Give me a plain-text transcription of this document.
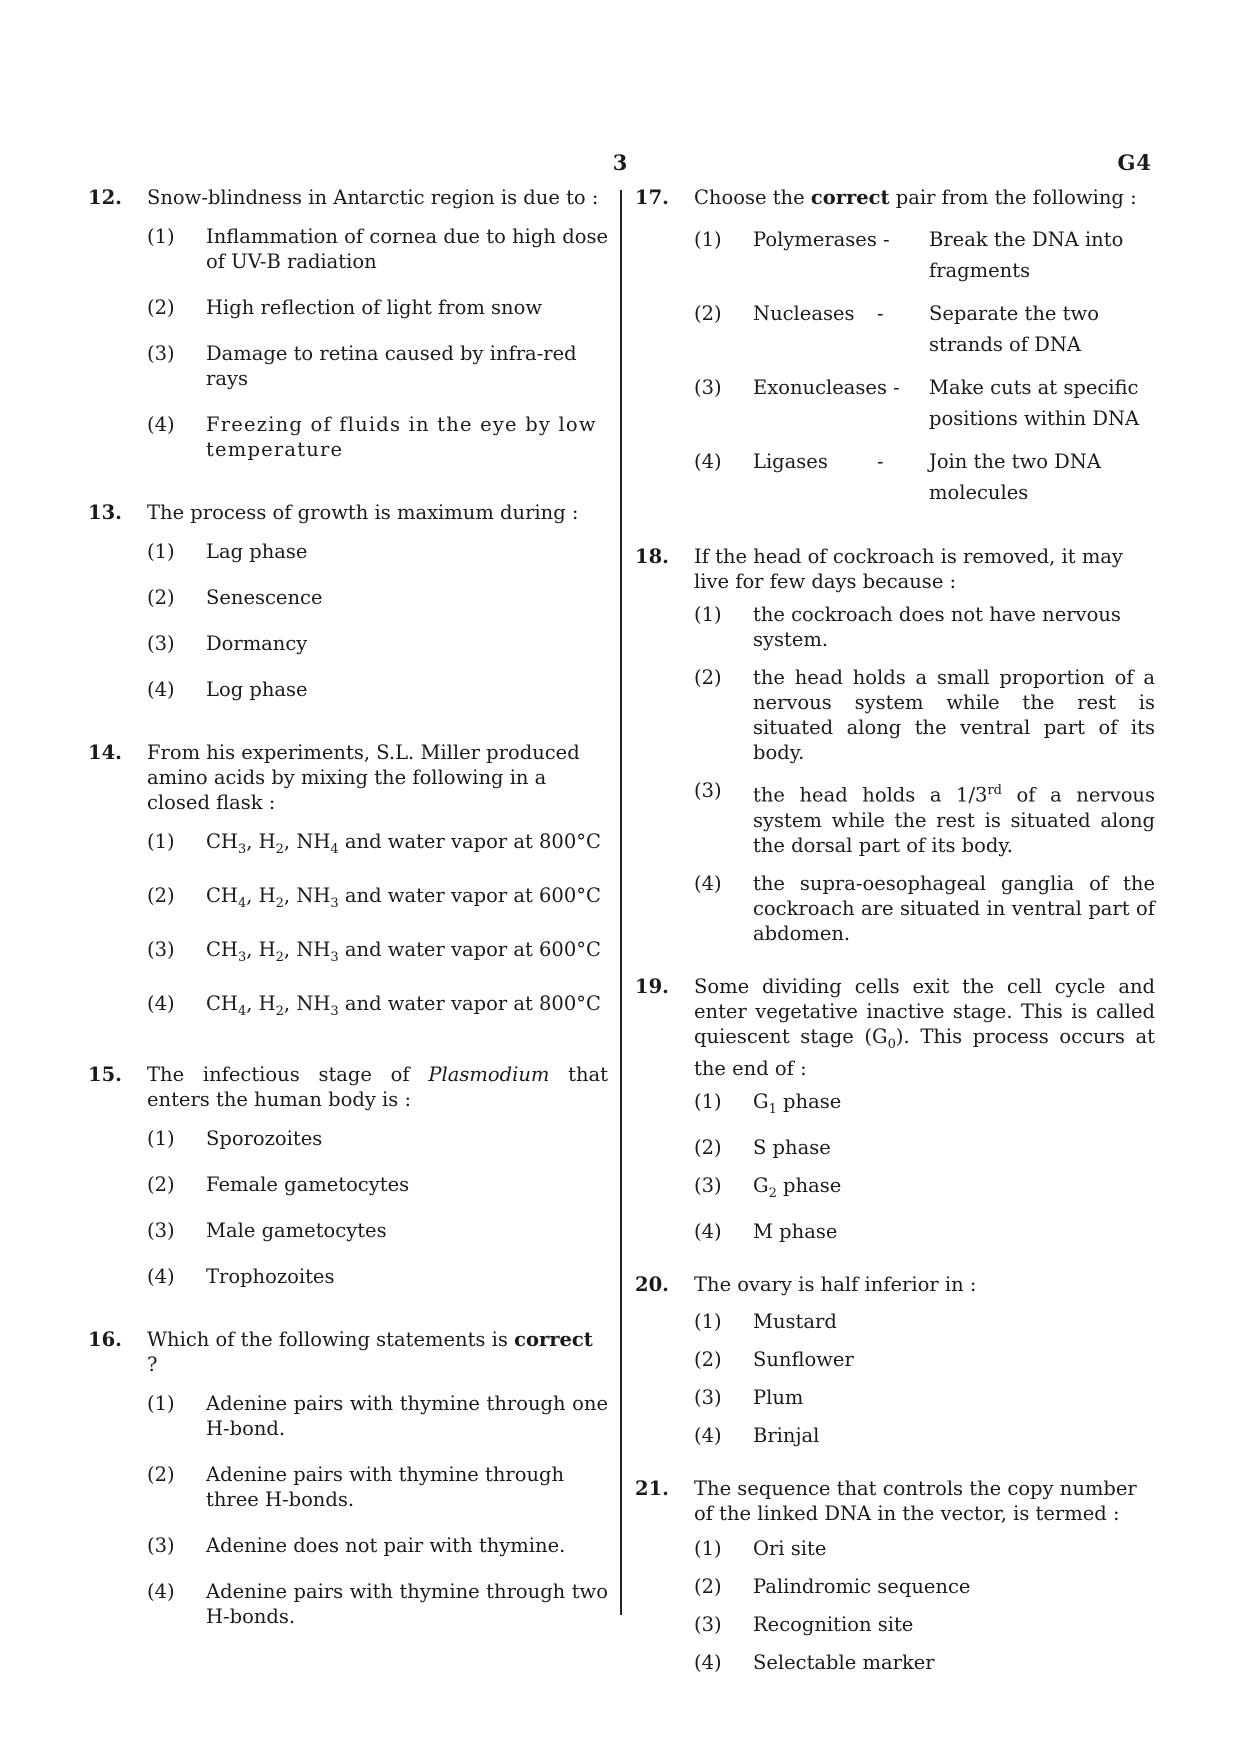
3	G4
12. Snow-blindness in Antarctic region is due to :
(1) Inflammation of cornea due to high dose of UV-B radiation
(2) High reflection of light from snow
(3) Damage to retina caused by infra-red rays
(4) Freezing of fluids in the eye by low temperature
13. The process of growth is maximum during :
(1) Lag phase
(2) Senescence
(3) Dormancy
(4) Log phase
14. From his experiments, S.L. Miller produced amino acids by mixing the following in a closed flask :
(1) $CH_3$, $H_2$, $NH_4$ and water vapor at 800°C
(2) $CH_4$, $H_2$, $NH_3$ and water vapor at 600°C
(3) $CH_3$, $H_2$, $NH_3$ and water vapor at 600°C
(4) $CH_4$, $H_2$, $NH_3$ and water vapor at 800°C
15. The infectious stage of Plasmodium that enters the human body is :
(1) Sporozoites
(2) Female gametocytes
(3) Male gametocytes
(4) Trophozoites
16. Which of the following statements is correct ?
(1) Adenine pairs with thymine through one H-bond.
(2) Adenine pairs with thymine through three H-bonds.
(3) Adenine does not pair with thymine.
(4) Adenine pairs with thymine through two H-bonds.
17. Choose the correct pair from the following :
(1) Polymerases -	Break the DNA into fragments
(2) Nucleases -	Separate the two strands of DNA
(3) Exonucleases -	Make cuts at specific positions within DNA
(4) Ligases	-	Join the two DNA molecules
18. If the head of cockroach is removed, it may live for few days because :
(1) the cockroach does not have nervous system.
(2) the head holds a small proportion of a nervous system while the rest is situated along the ventral part of its body.
(3) the head holds a 1/3rd of a nervous system while the rest is situated along the dorsal part of its body.
(4) the supra-oesophageal ganglia of the cockroach are situated in ventral part of abdomen.
19. Some dividing cells exit the cell cycle and enter vegetative inactive stage. This is called quiescent stage $(G_0)$. This process occurs at the end of :
(1) $G_1$ phase
(2) S phase
(3) $G_2$ phase
(4) M phase
20. The ovary is half inferior in :
(1) Mustard
(2) Sunflower
(3) Plum
(4) Brinjal
21. The sequence that controls the copy number of the linked DNA in the vector, is termed :
(1) Ori site
(2) Palindromic sequence
(3) Recognition site
(4) Selectable marker
